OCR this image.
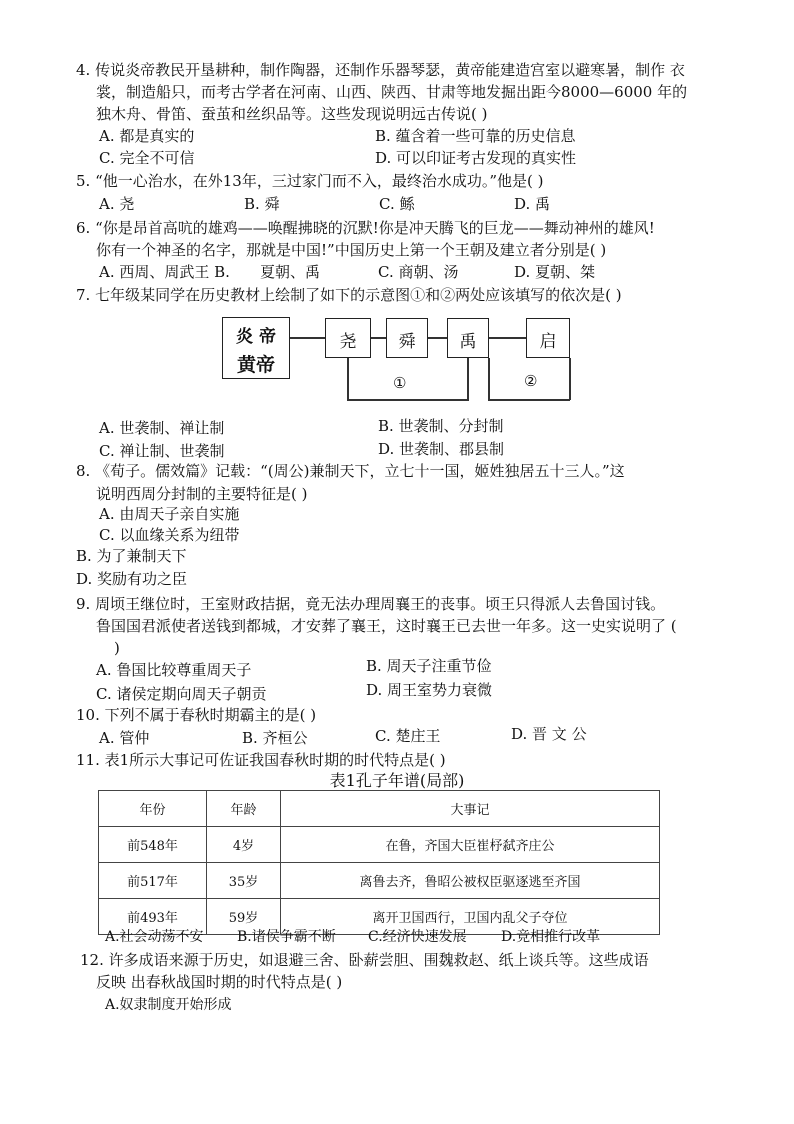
4. 传说炎帝教民开垦耕种，制作陶器，还制作乐器琴瑟，黄帝能建造宫室以避寒暑，制作 衣
裳，制造船只，而考古学者在河南、山西、陕西、甘肃等地发掘出距今8000—6000 年的
独木舟、骨笛、蚕茧和丝织品等。这些发现说明远古传说( )
A. 都是真实的	B. 蕴含着一些可靠的历史信息
C. 完全不可信	D. 可以印证考古发现的真实性
5. “他一心治水，在外13年，三过家门而不入，最终治水成功。”他是( )
A. 尧	B. 舜	C. 鲧	D. 禹
6. “你是昂首高吭的雄鸡——唤醒拂晓的沉默!你是冲天腾飞的巨龙——舞动神州的雄风!
你有一个神圣的名字，那就是中国!”中国历史上第一个王朝及建立者分别是( )
A. 西周、周武王 B. 夏朝、禹	C. 商朝、汤	D. 夏朝、桀
7. 七年级某同学在历史教材上绘制了如下的示意图①和②两处应该填写的依次是( )
炎 帝
黄帝
尧	舜	禹	启
①	②
A. 世袭制、禅让制	B. 世袭制、分封制
C. 禅让制、世袭制	D. 世袭制、郡县制
8. 《荀子。儒效篇》记载：“(周公)兼制天下，立七十一国，姬姓独居五十三人。”这
说明西周分封制的主要特征是( )
A. 由周天子亲自实施
C. 以血缘关系为纽带
B. 为了兼制天下
D. 奖励有功之臣
9. 周顷王继位时，王室财政拮据，竟无法办理周襄王的丧事。顷王只得派人去鲁国讨钱。
鲁国国君派使者送钱到都城，才安葬了襄王，这时襄王已去世一年多。这一史实说明了 (
)
A. 鲁国比较尊重周天子	B. 周天子注重节俭
C. 诸侯定期向周天子朝贡	D. 周王室势力衰微
10. 下列不属于春秋时期霸主的是( )
A. 管仲	B. 齐桓公	C. 楚庄王	D. 晋 文 公
11. 表1所示大事记可佐证我国春秋时期的时代特点是( )
表1孔子年谱(局部)
年份	年龄	大事记
前548年	4岁	在鲁，齐国大臣崔杼弑齐庄公
前517年	35岁	离鲁去齐，鲁昭公被权臣驱逐逃至齐国
前493年	59岁	离开卫国西行，卫国内乱父子夺位
A.社会动荡不安 B.诸侯争霸不断 C.经济快速发展 D.竞相推行改革
12. 许多成语来源于历史，如退避三舍、卧薪尝胆、围魏救赵、纸上谈兵等。这些成语
反映 出春秋战国时期的时代特点是( )
A.奴隶制度开始形成
